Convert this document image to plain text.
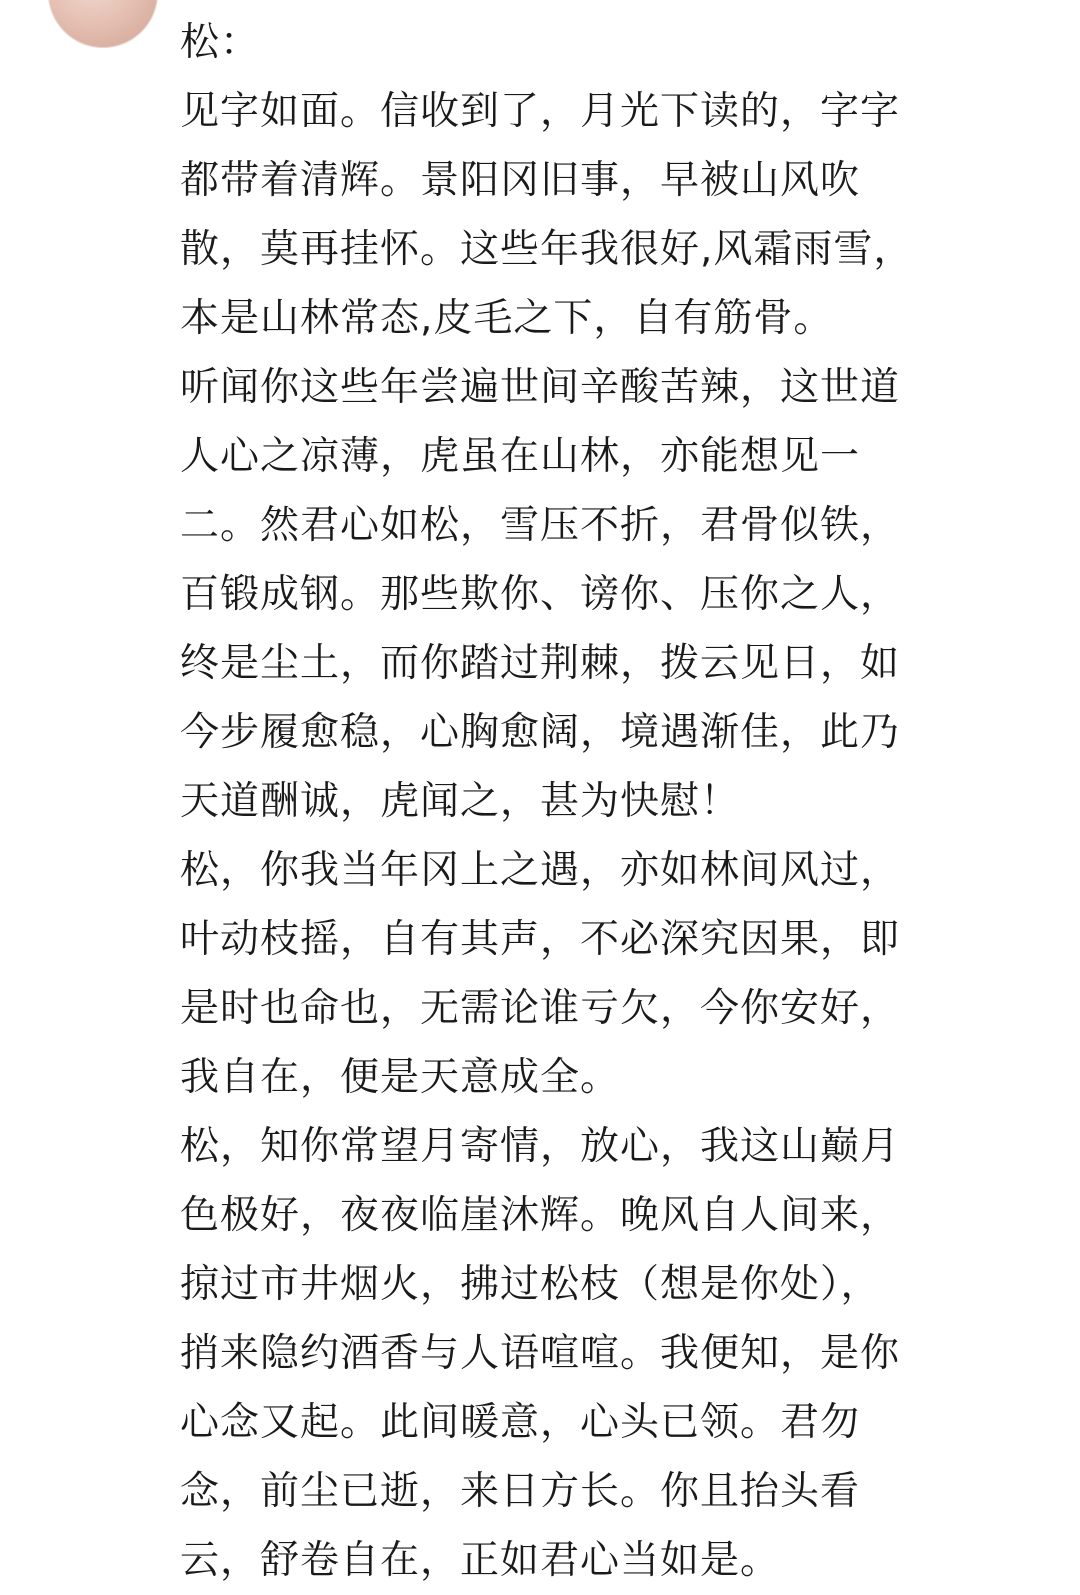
松：
见字如面。信收到了，月光下读的，字字
都带着清辉。景阳冈旧事，早被山风吹
散，莫再挂怀。这些年我很好,风霜雨雪，
本是山林常态,皮毛之下，自有筋骨。
听闻你这些年尝遍世间辛酸苦辣，这世道
人心之凉薄，虎虽在山林，亦能想见一
二。然君心如松，雪压不折，君骨似铁，
百锻成钢。那些欺你、谤你、压你之人，
终是尘土，而你踏过荆棘，拨云见日，如
今步履愈稳，心胸愈阔，境遇渐佳，此乃
天道酬诚，虎闻之，甚为快慰！
松，你我当年冈上之遇，亦如林间风过，
叶动枝摇，自有其声，不必深究因果，即
是时也命也，无需论谁亏欠，今你安好，
我自在，便是天意成全。
松，知你常望月寄情，放心，我这山巅月
色极好，夜夜临崖沐辉。晚风自人间来，
掠过市井烟火，拂过松枝（想是你处），
捎来隐约酒香与人语喧喧。我便知，是你
心念又起。此间暖意，心头已领。君勿
念，前尘已逝，来日方长。你且抬头看
云，舒卷自在，正如君心当如是。
